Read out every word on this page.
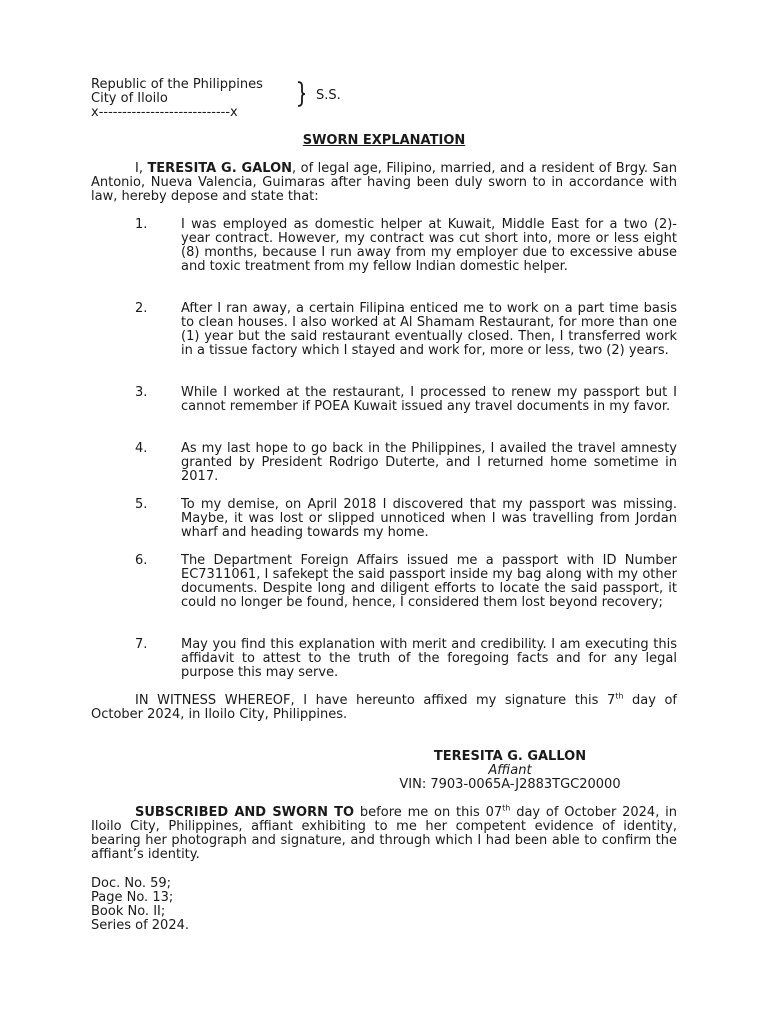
Republic of the Philippines
City of Iloilo
x----------------------------x
S.S.
SWORN EXPLANATION
I, TERESITA G. GALON, of legal age, Filipino, married, and a resident of Brgy. San Antonio, Nueva Valencia, Guimaras after having been duly sworn to in accordance with law, hereby depose and state that:
1.	I was employed as domestic helper at Kuwait, Middle East for a two (2)-year contract. However, my contract was cut short into, more or less eight (8) months, because I run away from my employer due to excessive abuse and toxic treatment from my fellow Indian domestic helper.
2.	After I ran away, a certain Filipina enticed me to work on a part time basis to clean houses. I also worked at Al Shamam Restaurant, for more than one (1) year but the said restaurant eventually closed. Then, I transferred work in a tissue factory which I stayed and work for, more or less, two (2) years.
3.	While I worked at the restaurant, I processed to renew my passport but I cannot remember if POEA Kuwait issued any travel documents in my favor.
4.	As my last hope to go back in the Philippines, I availed the travel amnesty granted by President Rodrigo Duterte, and I returned home sometime in 2017.
5.	To my demise, on April 2018 I discovered that my passport was missing. Maybe, it was lost or slipped unnoticed when I was travelling from Jordan wharf and heading towards my home.
6.	The Department Foreign Affairs issued me a passport with ID Number EC7311061, I safekept the said passport inside my bag along with my other documents. Despite long and diligent efforts to locate the said passport, it could no longer be found, hence, I considered them lost beyond recovery;
7.	May you find this explanation with merit and credibility. I am executing this affidavit to attest to the truth of the foregoing facts and for any legal purpose this may serve.
IN WITNESS WHEREOF, I have hereunto affixed my signature this 7th day of October 2024, in Iloilo City, Philippines.
TERESITA G. GALLON
Affiant
VIN: 7903-0065A-J2883TGC20000
SUBSCRIBED AND SWORN TO before me on this 07th day of October 2024, in Iloilo City, Philippines, affiant exhibiting to me her competent evidence of identity, bearing her photograph and signature, and through which I had been able to confirm the affiant’s identity.
Doc. No. 59;
Page No. 13;
Book No. II;
Series of 2024.
